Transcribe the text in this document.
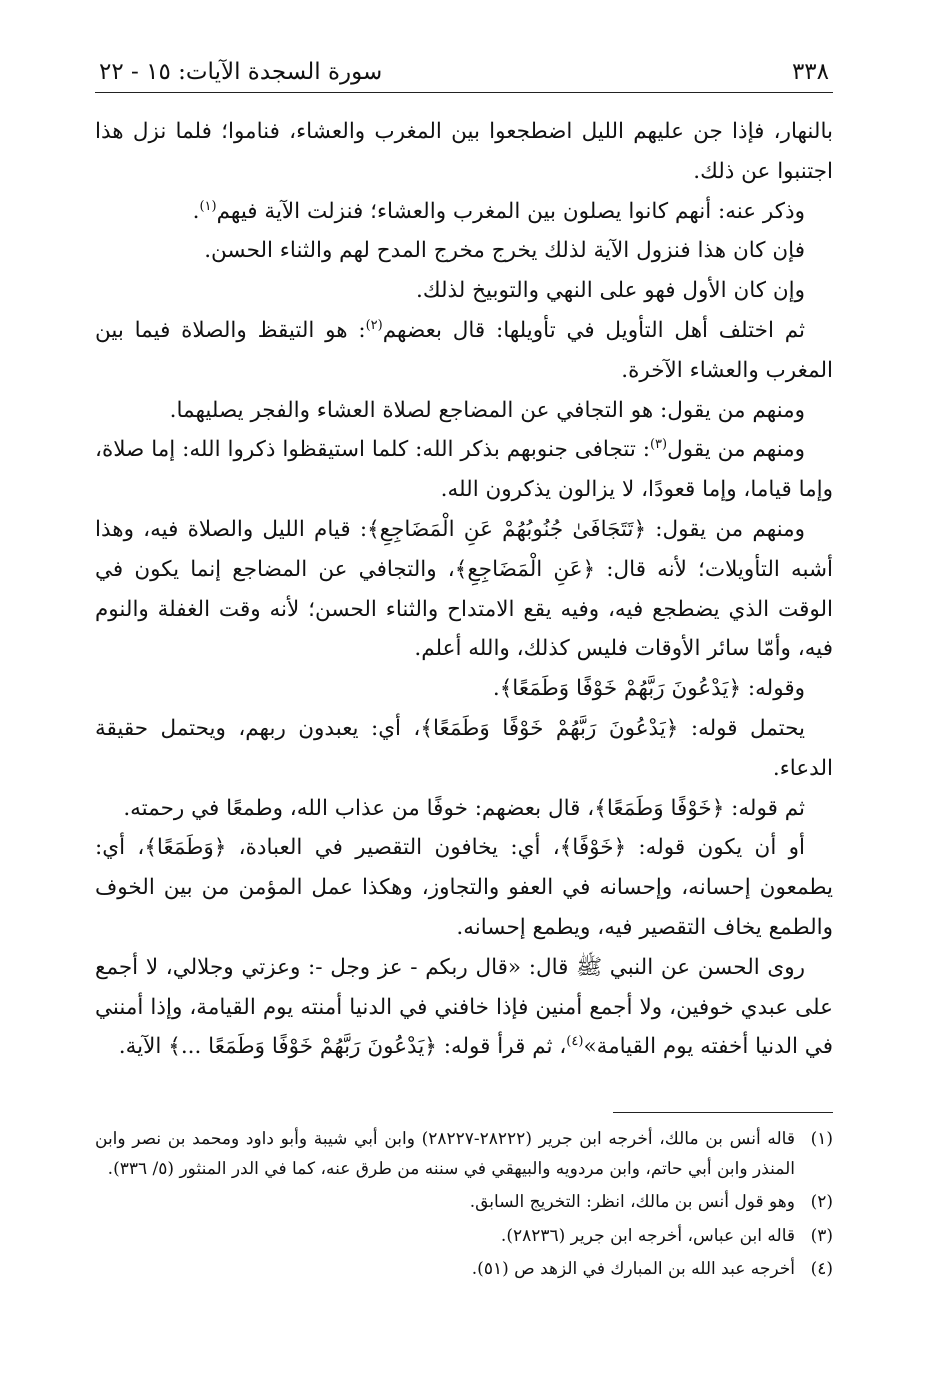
٣٣٨
سورة السجدة الآيات: ١٥ - ٢٢

بالنهار، فإذا جن عليهم الليل اضطجعوا بين المغرب والعشاء، فناموا؛ فلما نزل هذا اجتنبوا عن ذلك.

وذكر عنه: أنهم كانوا يصلون بين المغرب والعشاء؛ فنزلت الآية فيهم$^{(١)}$.

فإن كان هذا فنزول الآية لذلك يخرج مخرج المدح لهم والثناء الحسن.

وإن كان الأول فهو على النهي والتوبيخ لذلك.

ثم اختلف أهل التأويل في تأويلها: قال بعضهم$^{(٢)}$: هو التيقظ والصلاة فيما بين المغرب والعشاء الآخرة.

ومنهم من يقول: هو التجافي عن المضاجع لصلاة العشاء والفجر يصليهما.

ومنهم من يقول$^{(٣)}$: تتجافى جنوبهم بذكر الله: كلما استيقظوا ذكروا الله: إما صلاة، وإما قياما، وإما قعودًا، لا يزالون يذكرون الله.

ومنهم من يقول: ﴿تَتَجَافَىٰ جُنُوبُهُمْ عَنِ الْمَضَاجِعِ﴾: قيام الليل والصلاة فيه، وهذا أشبه التأويلات؛ لأنه قال: ﴿عَنِ الْمَضَاجِعِ﴾، والتجافي عن المضاجع إنما يكون في الوقت الذي يضطجع فيه، وفيه يقع الامتداح والثناء الحسن؛ لأنه وقت الغفلة والنوم فيه، وأمّا سائر الأوقات فليس كذلك، والله أعلم.

وقوله: ﴿يَدْعُونَ رَبَّهُمْ خَوْفًا وَطَمَعًا﴾.

يحتمل قوله: ﴿يَدْعُونَ رَبَّهُمْ خَوْفًا وَطَمَعًا﴾، أي: يعبدون ربهم، ويحتمل حقيقة الدعاء.

ثم قوله: ﴿خَوْفًا وَطَمَعًا﴾، قال بعضهم: خوفًا من عذاب الله، وطمعًا في رحمته.

أو أن يكون قوله: ﴿خَوْفًا﴾، أي: يخافون التقصير في العبادة، ﴿وَطَمَعًا﴾، أي: يطمعون إحسانه، وإحسانه في العفو والتجاوز، وهكذا عمل المؤمن من بين الخوف والطمع يخاف التقصير فيه، ويطمع إحسانه.

روى الحسن عن النبي ﷺ قال: «قال ربكم - عز وجل -: وعزتي وجلالي، لا أجمع على عبدي خوفين، ولا أجمع أمنين فإذا خافني في الدنيا أمنته يوم القيامة، وإذا أمنني في الدنيا أخفته يوم القيامة»$^{(٤)}$، ثم قرأ قوله: ﴿يَدْعُونَ رَبَّهُمْ خَوْفًا وَطَمَعًا ...﴾ الآية.

(١)
قاله أنس بن مالك، أخرجه ابن جرير (٢٨٢٢٢-٢٨٢٢٧) وابن أبي شيبة وأبو داود ومحمد بن نصر وابن المنذر وابن أبي حاتم، وابن مردويه والبيهقي في سننه من طرق عنه، كما في الدر المنثور (٥/ ٣٣٦).
(٢)
وهو قول أنس بن مالك، انظر: التخريج السابق.
(٣)
قاله ابن عباس، أخرجه ابن جرير (٢٨٢٣٦).
(٤)
أخرجه عبد الله بن المبارك في الزهد ص (٥١).
